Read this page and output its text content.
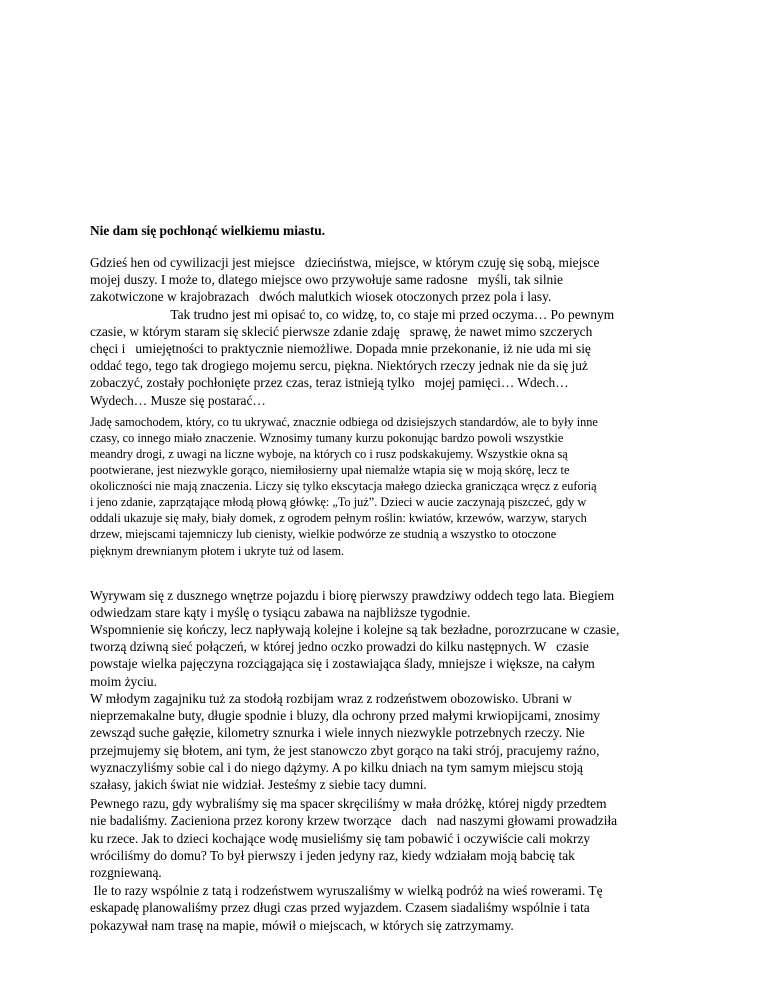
Nie dam się pochłonąć wielkiemu miastu.

Gdzieś hen od cywilizacji jest miejsce   dzieciństwa, miejsce, w którym czuję się sobą, miejsce
mojej duszy. I może to, dlatego miejsce owo przywołuje same radosne   myśli, tak silnie
zakotwiczone w krajobrazach   dwóch malutkich wiosek otoczonych przez pola i lasy.
Tak trudno jest mi opisać to, co widzę, to, co staje mi przed oczyma… Po pewnym
czasie, w którym staram się sklecić pierwsze zdanie zdaję   sprawę, że nawet mimo szczerych
chęci i   umiejętności to praktycznie niemożliwe. Dopada mnie przekonanie, iż nie uda mi się
oddać tego, tego tak drogiego mojemu sercu, piękna. Niektórych rzeczy jednak nie da się już
zobaczyć, zostały pochłonięte przez czas, teraz istnieją tylko   mojej pamięci… Wdech…
Wydech… Musze się postarać…

Jadę samochodem, który, co tu ukrywać, znacznie odbiega od dzisiejszych standardów, ale to były inne
czasy, co innego miało znaczenie. Wznosimy tumany kurzu pokonując bardzo powoli wszystkie
meandry drogi, z uwagi na liczne wyboje, na których co i rusz podskakujemy. Wszystkie okna są
pootwierane, jest niezwykle gorąco, niemiłosierny upał niemalże wtapia się w moją skórę, lecz te
okoliczności nie mają znaczenia. Liczy się tylko ekscytacja małego dziecka granicząca wręcz z euforią
i jeno zdanie, zaprzątające młodą płową główkę: „To już”. Dzieci w aucie zaczynają piszczeć, gdy w
oddali ukazuje się mały, biały domek, z ogrodem pełnym roślin: kwiatów, krzewów, warzyw, starych
drzew, miejscami tajemniczy lub cienisty, wielkie podwórze ze studnią a wszystko to otoczone
pięknym drewnianym płotem i ukryte tuż od lasem.

Wyrywam się z dusznego wnętrze pojazdu i biorę pierwszy prawdziwy oddech tego lata. Biegiem
odwiedzam stare kąty i myślę o tysiącu zabawa na najbliższe tygodnie.
Wspomnienie się kończy, lecz napływają kolejne i kolejne są tak bezładne, porozrzucane w czasie,
tworzą dziwną sieć połączeń, w której jedno oczko prowadzi do kilku następnych. W   czasie
powstaje wielka pajęczyna rozciągająca się i zostawiająca ślady, mniejsze i większe, na całym
moim życiu.
W młodym zagajniku tuż za stodołą rozbijam wraz z rodzeństwem obozowisko. Ubrani w
nieprzemakalne buty, długie spodnie i bluzy, dla ochrony przed małymi krwiopijcami, znosimy
zewsząd suche gałęzie, kilometry sznurka i wiele innych niezwykle potrzebnych rzeczy. Nie
przejmujemy się błotem, ani tym, że jest stanowczo zbyt gorąco na taki strój, pracujemy raźno,
wyznaczyliśmy sobie cal i do niego dążymy. A po kilku dniach na tym samym miejscu stoją
szałasy, jakich świat nie widział. Jesteśmy z siebie tacy dumni.

Pewnego razu, gdy wybraliśmy się ma spacer skręciliśmy w mała dróżkę, której nigdy przedtem
nie badaliśmy. Zacieniona przez korony krzew tworzące   dach   nad naszymi głowami prowadziła
ku rzece. Jak to dzieci kochające wodę musieliśmy się tam pobawić i oczywiście cali mokrzy
wróciliśmy do domu? To był pierwszy i jeden jedyny raz, kiedy wdziałam moją babcię tak
rozgniewaną.

Ile to razy wspólnie z tatą i rodzeństwem wyruszaliśmy w wielką podróż na wieś rowerami. Tę
eskapadę planowaliśmy przez długi czas przed wyjazdem. Czasem siadaliśmy wspólnie i tata
pokazywał nam trasę na mapie, mówił o miejscach, w których się zatrzymamy.
